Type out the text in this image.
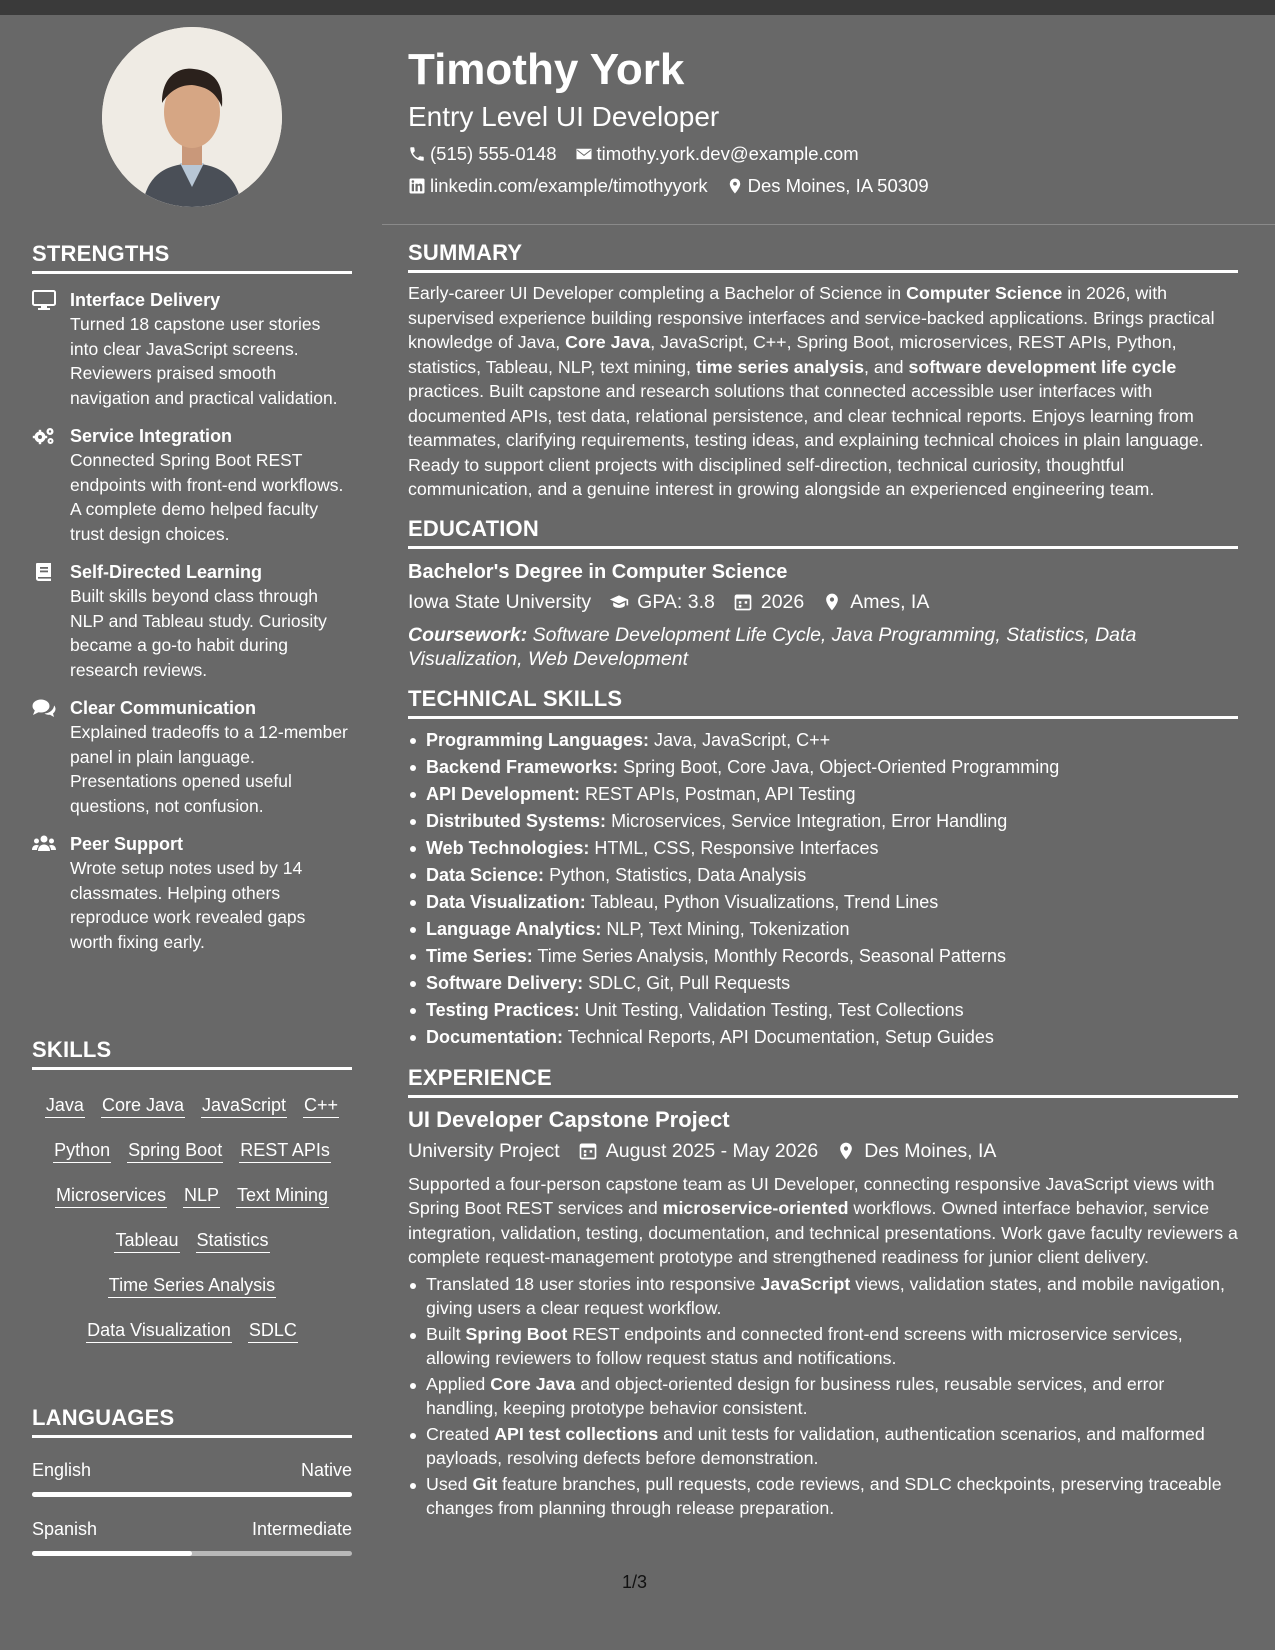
STRENGTHS
Interface Delivery
Turned 18 capstone user stories into clear JavaScript screens. Reviewers praised smooth navigation and practical validation.
Service Integration
Connected Spring Boot REST endpoints with front-end workflows. A complete demo helped faculty trust design choices.
Self-Directed Learning
Built skills beyond class through NLP and Tableau study. Curiosity became a go-to habit during research reviews.
Clear Communication
Explained tradeoffs to a 12-member panel in plain language. Presentations opened useful questions, not confusion.
Peer Support
Wrote setup notes used by 14 classmates. Helping others reproduce work revealed gaps worth fixing early.
SKILLS
Java	Core Java	JavaScript	C++
Python	Spring Boot	REST APIs
Microservices	NLP	Text Mining
Tableau	Statistics
Time Series Analysis
Data Visualization	SDLC
LANGUAGES
English	Native
Spanish	Intermediate
Timothy York
Entry Level UI Developer
(515) 555-0148 timothy.york.dev@example.com
linkedin.com/example/timothyyork Des Moines, IA 50309
SUMMARY
Early-career UI Developer completing a Bachelor of Science in Computer Science in 2026, with supervised experience building responsive interfaces and service-backed applications. Brings practical knowledge of Java, Core Java, JavaScript, C++, Spring Boot, microservices, REST APIs, Python, statistics, Tableau, NLP, text mining, time series analysis, and software development life cycle practices. Built capstone and research solutions that connected accessible user interfaces with documented APIs, test data, relational persistence, and clear technical reports. Enjoys learning from teammates, clarifying requirements, testing ideas, and explaining technical choices in plain language. Ready to support client projects with disciplined self-direction, technical curiosity, thoughtful communication, and a genuine interest in growing alongside an experienced engineering team.
EDUCATION
Bachelor's Degree in Computer Science
Iowa State University GPA: 3.8 2026 Ames, IA
Coursework: Software Development Life Cycle, Java Programming, Statistics, Data Visualization, Web Development
TECHNICAL SKILLS
Programming Languages: Java, JavaScript, C++
Backend Frameworks: Spring Boot, Core Java, Object-Oriented Programming
API Development: REST APIs, Postman, API Testing
Distributed Systems: Microservices, Service Integration, Error Handling
Web Technologies: HTML, CSS, Responsive Interfaces
Data Science: Python, Statistics, Data Analysis
Data Visualization: Tableau, Python Visualizations, Trend Lines
Language Analytics: NLP, Text Mining, Tokenization
Time Series: Time Series Analysis, Monthly Records, Seasonal Patterns
Software Delivery: SDLC, Git, Pull Requests
Testing Practices: Unit Testing, Validation Testing, Test Collections
Documentation: Technical Reports, API Documentation, Setup Guides
EXPERIENCE
UI Developer Capstone Project
University Project August 2025 - May 2026 Des Moines, IA
Supported a four-person capstone team as UI Developer, connecting responsive JavaScript views with Spring Boot REST services and microservice-oriented workflows. Owned interface behavior, service integration, validation, testing, documentation, and technical presentations. Work gave faculty reviewers a complete request-management prototype and strengthened readiness for junior client delivery.
Translated 18 user stories into responsive JavaScript views, validation states, and mobile navigation, giving users a clear request workflow.
Built Spring Boot REST endpoints and connected front-end screens with microservice services, allowing reviewers to follow request status and notifications.
Applied Core Java and object-oriented design for business rules, reusable services, and error handling, keeping prototype behavior consistent.
Created API test collections and unit tests for validation, authentication scenarios, and malformed payloads, resolving defects before demonstration.
Used Git feature branches, pull requests, code reviews, and SDLC checkpoints, preserving traceable changes from planning through release preparation.
1/3
